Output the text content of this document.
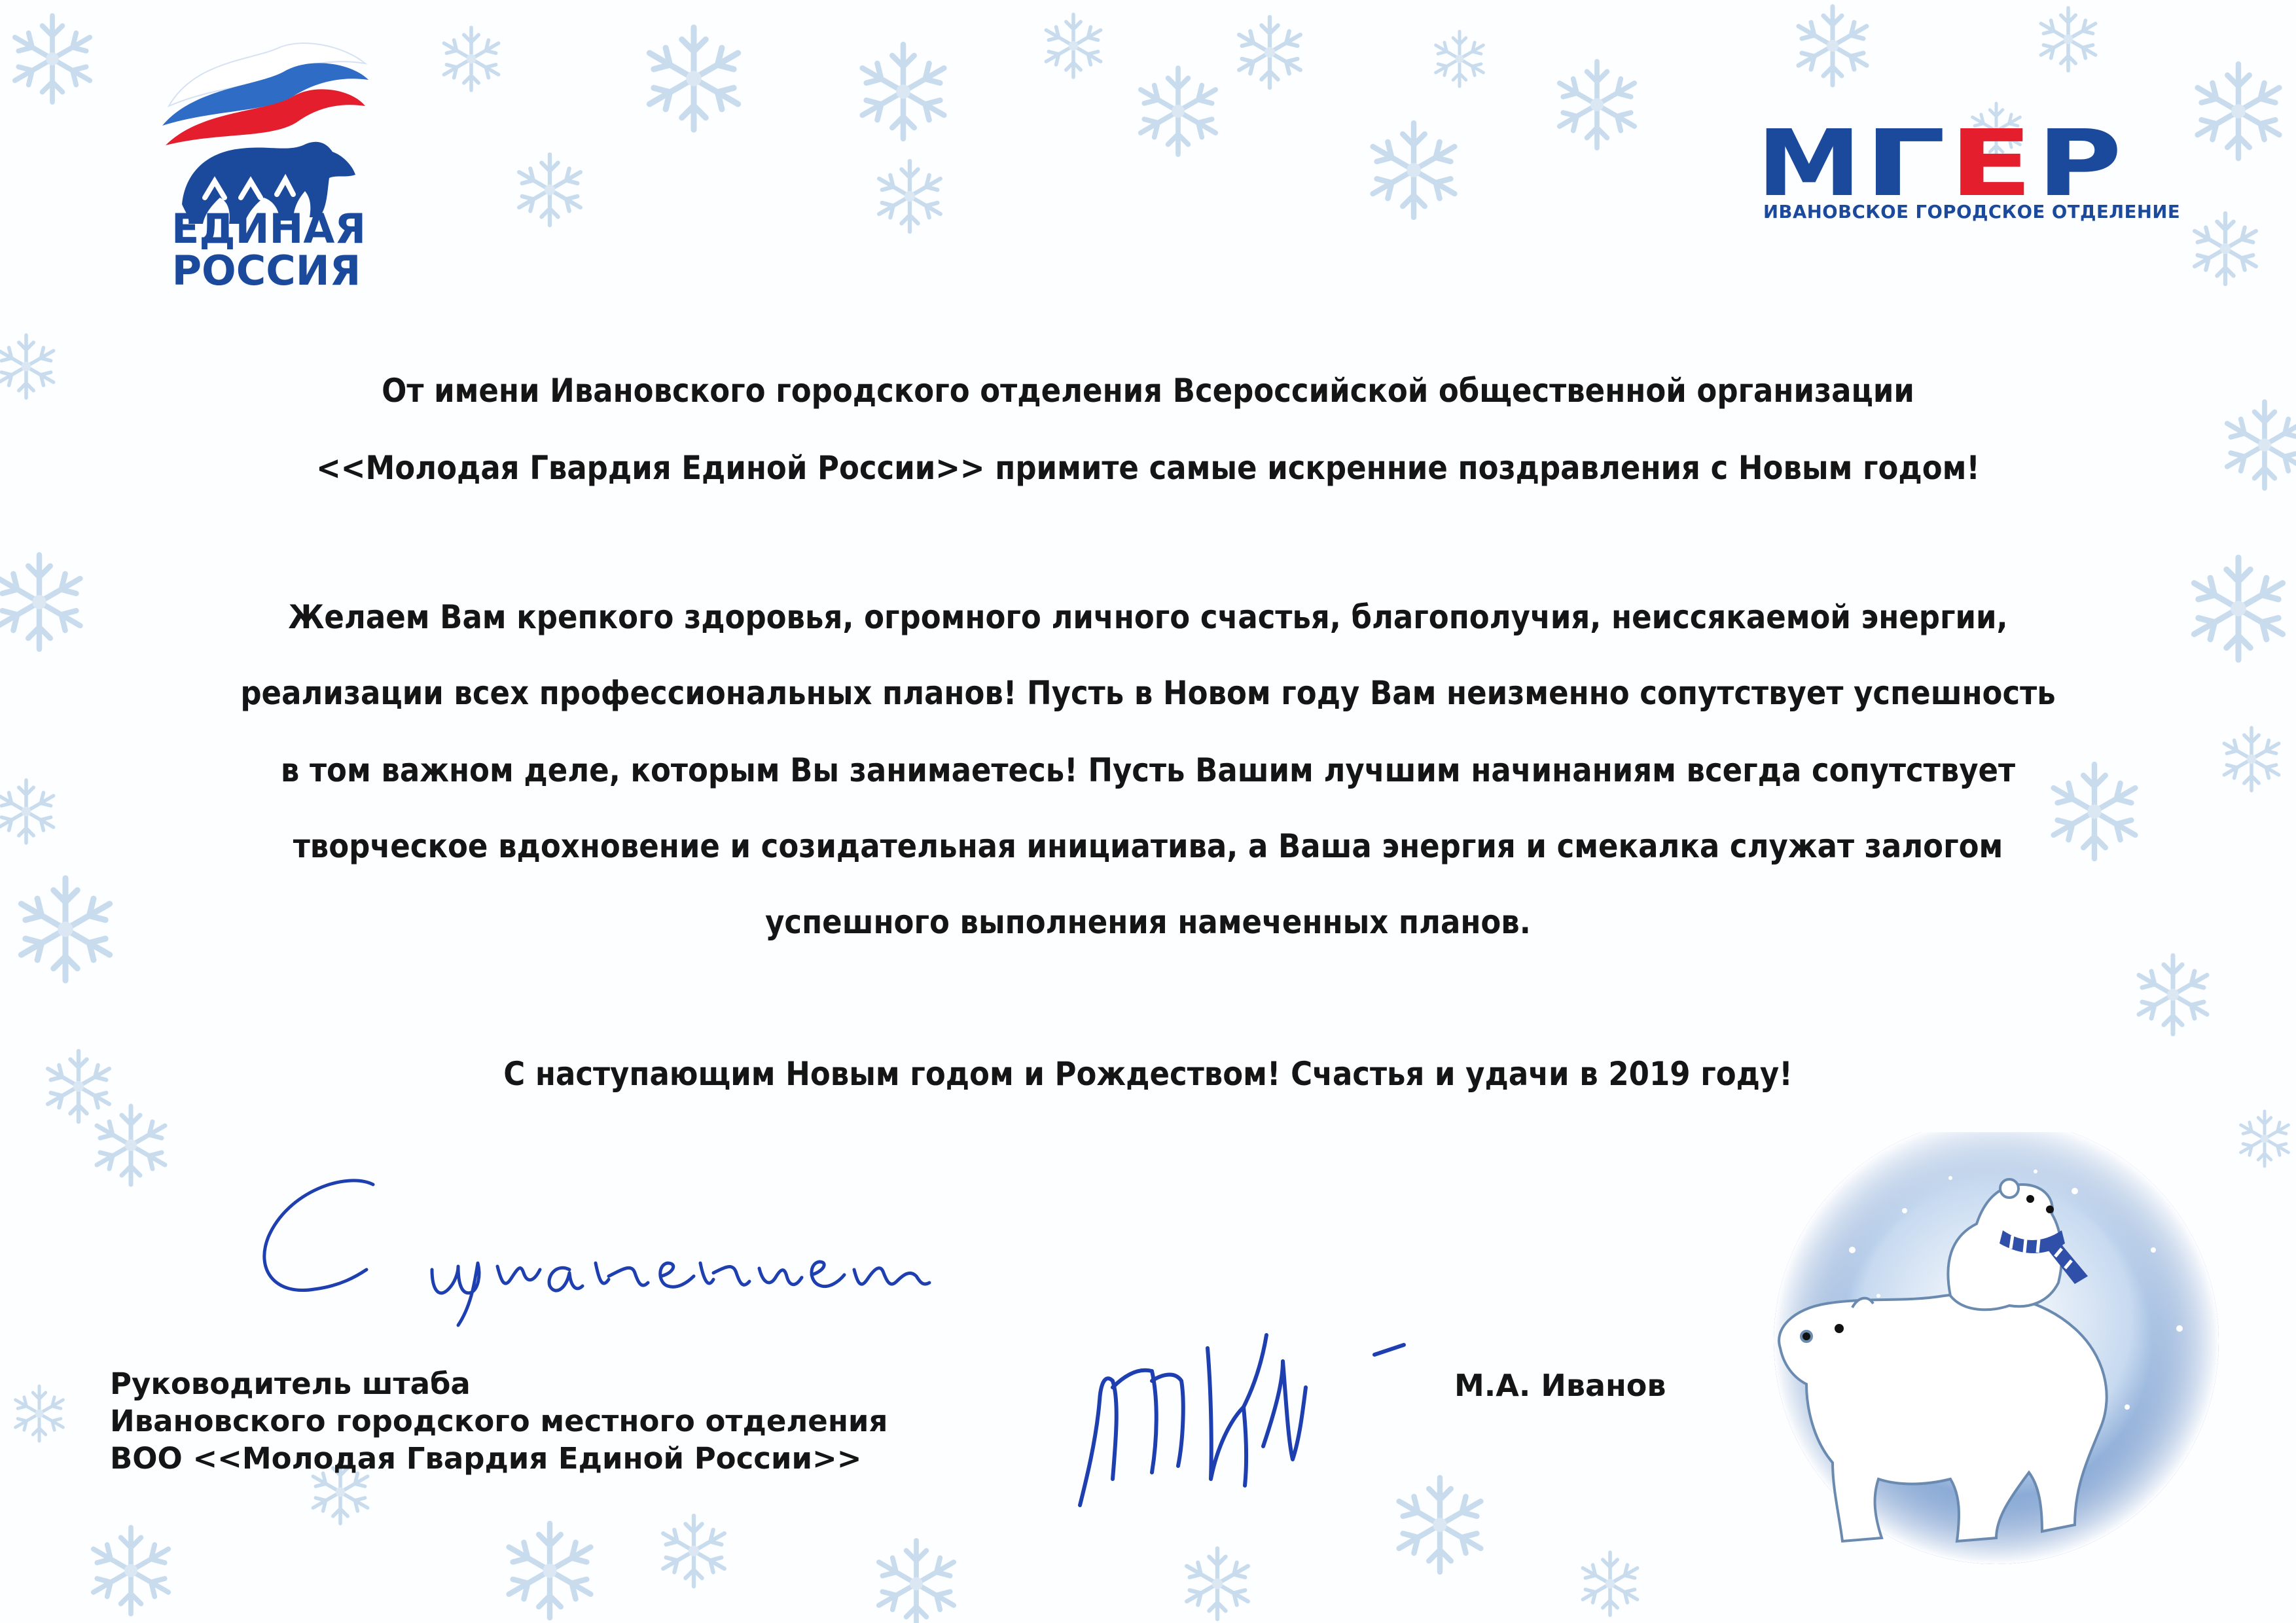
ЕДИНАЯ
РОССИЯ
М Г Е Р
ИВАНОВСКОЕ ГОРОДСКОЕ ОТДЕЛЕНИЕ
От имени Ивановского городского отделения Всероссийской общественной организации
<<Молодая Гвардия Единой России>> примите самые искренние поздравления с Новым годом!
Желаем Вам крепкого здоровья, огромного личного счастья, благополучия, неиссякаемой энергии,
реализации всех профессиональных планов! Пусть в Новом году Вам неизменно сопутствует успешность
в том важном деле, которым Вы занимаетесь! Пусть Вашим лучшим начинаниям всегда сопутствует
творческое вдохновение и созидательная инициатива, а Ваша энергия и смекалка служат залогом
успешного выполнения намеченных планов.
С наступающим Новым годом и Рождеством! Счастья и удачи в 2019 году!
Руководитель штаба
Ивановского городского местного отделения
ВОО <<Молодая Гвардия Единой России>>
М.А. Иванов
